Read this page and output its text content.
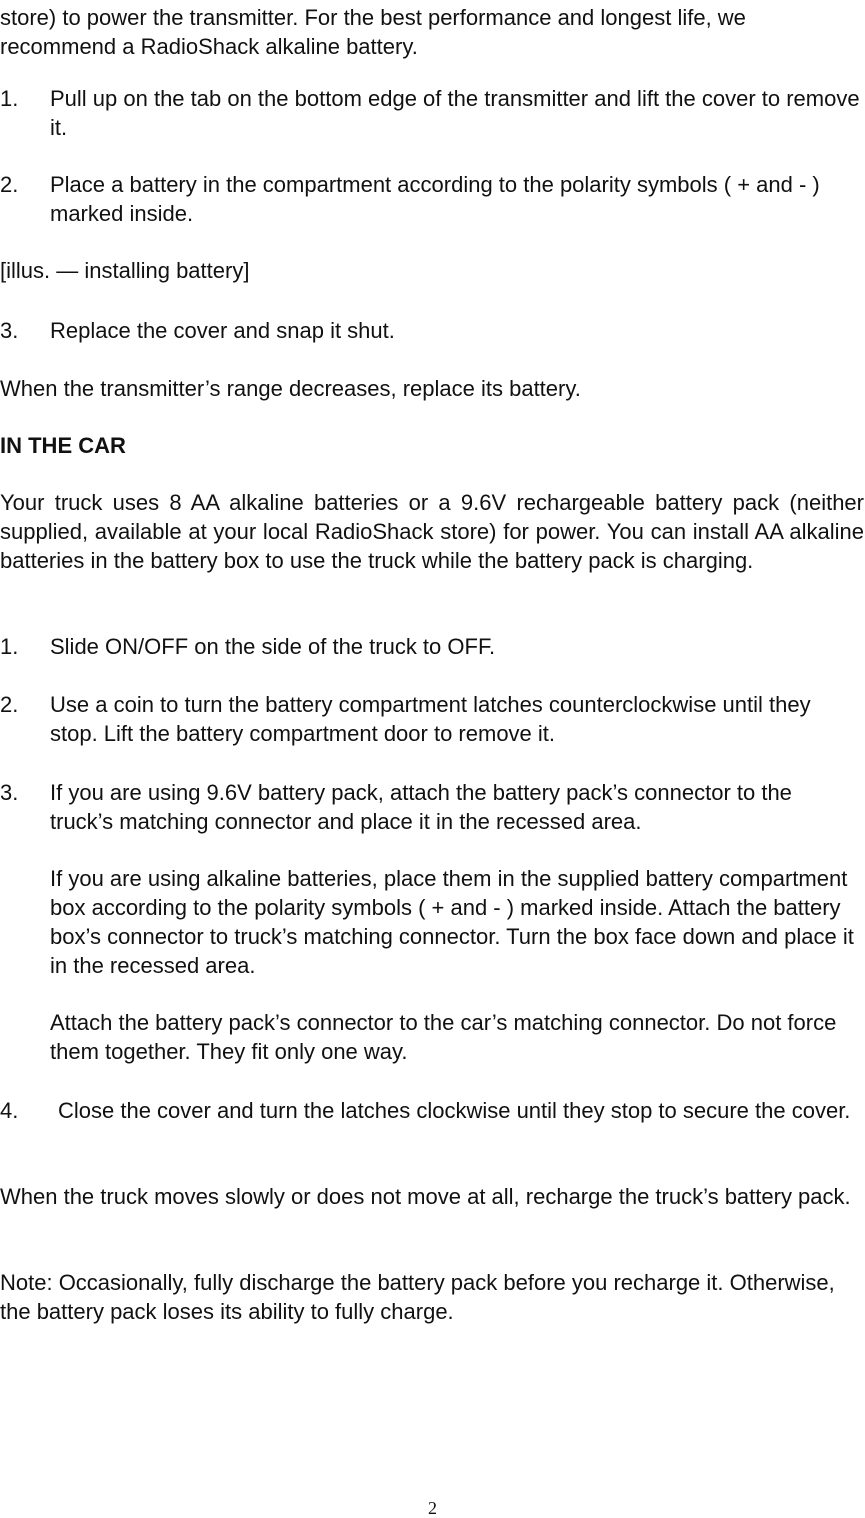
store) to power the transmitter. For the best performance and longest life, we recommend a RadioShack alkaline battery.

1. Pull up on the tab on the bottom edge of the transmitter and lift the cover to remove it.
2. Place a battery in the compartment according to the polarity symbols ( + and - ) marked inside.

[illus. — installing battery]

3. Replace the cover and snap it shut.

When the transmitter’s range decreases, replace its battery.

IN THE CAR

Your truck uses 8 AA alkaline batteries or a 9.6V rechargeable battery pack (neither supplied, available at your local RadioShack store) for power. You can install AA alkaline batteries in the battery box to use the truck while the battery pack is charging.

1. Slide ON/OFF on the side of the truck to OFF.
2. Use a coin to turn the battery compartment latches counterclockwise until they stop. Lift the battery compartment door to remove it.
3. If you are using 9.6V battery pack, attach the battery pack’s connector to the truck’s matching connector and place it in the recessed area.

If you are using alkaline batteries, place them in the supplied battery compartment box according to the polarity symbols ( + and - ) marked inside. Attach the battery box’s connector to truck’s matching connector. Turn the box face down and place it in the recessed area.

Attach the battery pack’s connector to the car’s matching connector. Do not force them together. They fit only one way.

4.	Close the cover and turn the latches clockwise until they stop to secure the cover.

When the truck moves slowly or does not move at all, recharge the truck’s battery pack.

Note: Occasionally, fully discharge the battery pack before you recharge it. Otherwise, the battery pack loses its ability to fully charge.

2
